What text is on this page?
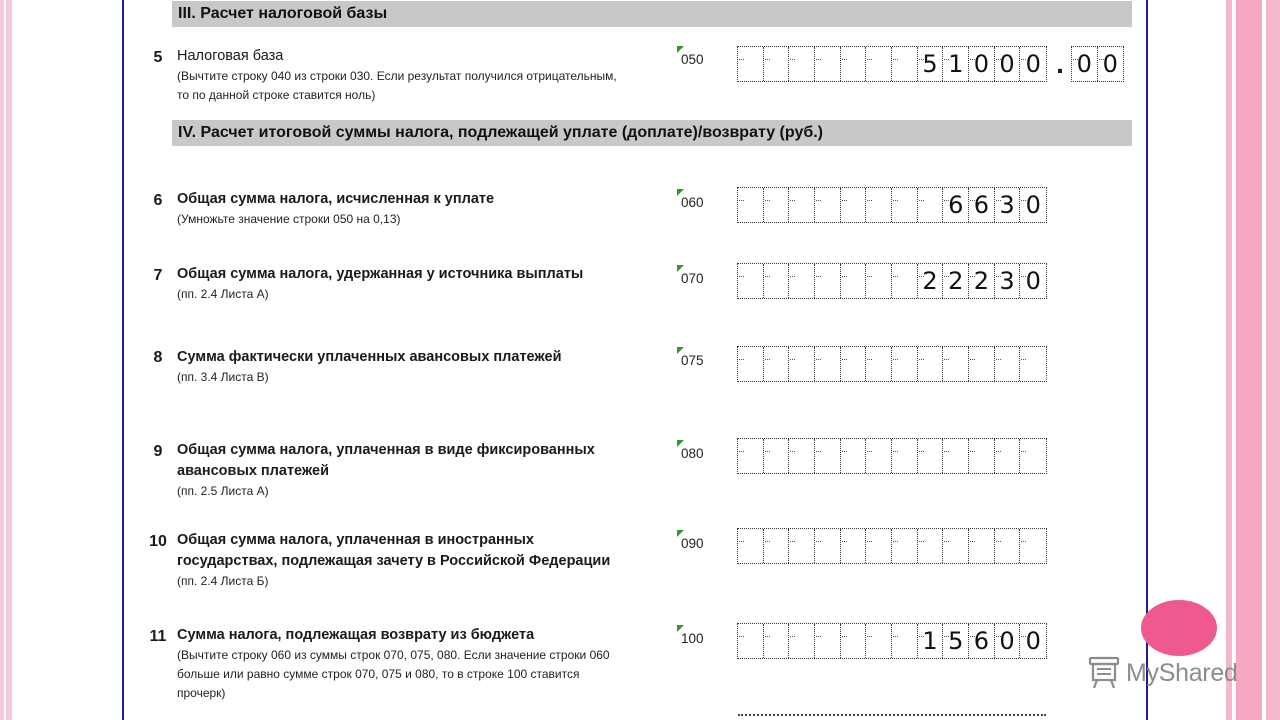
III. Расчет налоговой базы
5	Налоговая база
(Вычтите строку 040 из строки 030. Если результат получился отрицательным,
то по данной строке ставится ноль)
050	5 1 0 0 0 . 0 0
IV. Расчет итоговой суммы налога, подлежащей уплате (доплате)/возврату (руб.)
6	Общая сумма налога, исчисленная к уплате
(Умножьте значение строки 050 на 0,13)
060	6 6 3 0
7	Общая сумма налога, удержанная у источника выплаты
(пп. 2.4 Листа А)
070	2 2 2 3 0
8	Сумма фактически уплаченных авансовых платежей
(пп. 3.4 Листа В)
075
9	Общая сумма налога, уплаченная в виде фиксированных
авансовых платежей
(пп. 2.5 Листа А)
080
10 Общая сумма налога, уплаченная в иностранных
государствах, подлежащая зачету в Российской Федерации
(пп. 2.4 Листа Б)
090
11 Сумма налога, подлежащая возврату из бюджета
(Вычтите строку 060 из суммы строк 070, 075, 080. Если значение строки 060
больше или равно сумме строк 070, 075 и 080, то в строке 100 ставится
прочерк)
100	1 5 6 0 0
MyShared
